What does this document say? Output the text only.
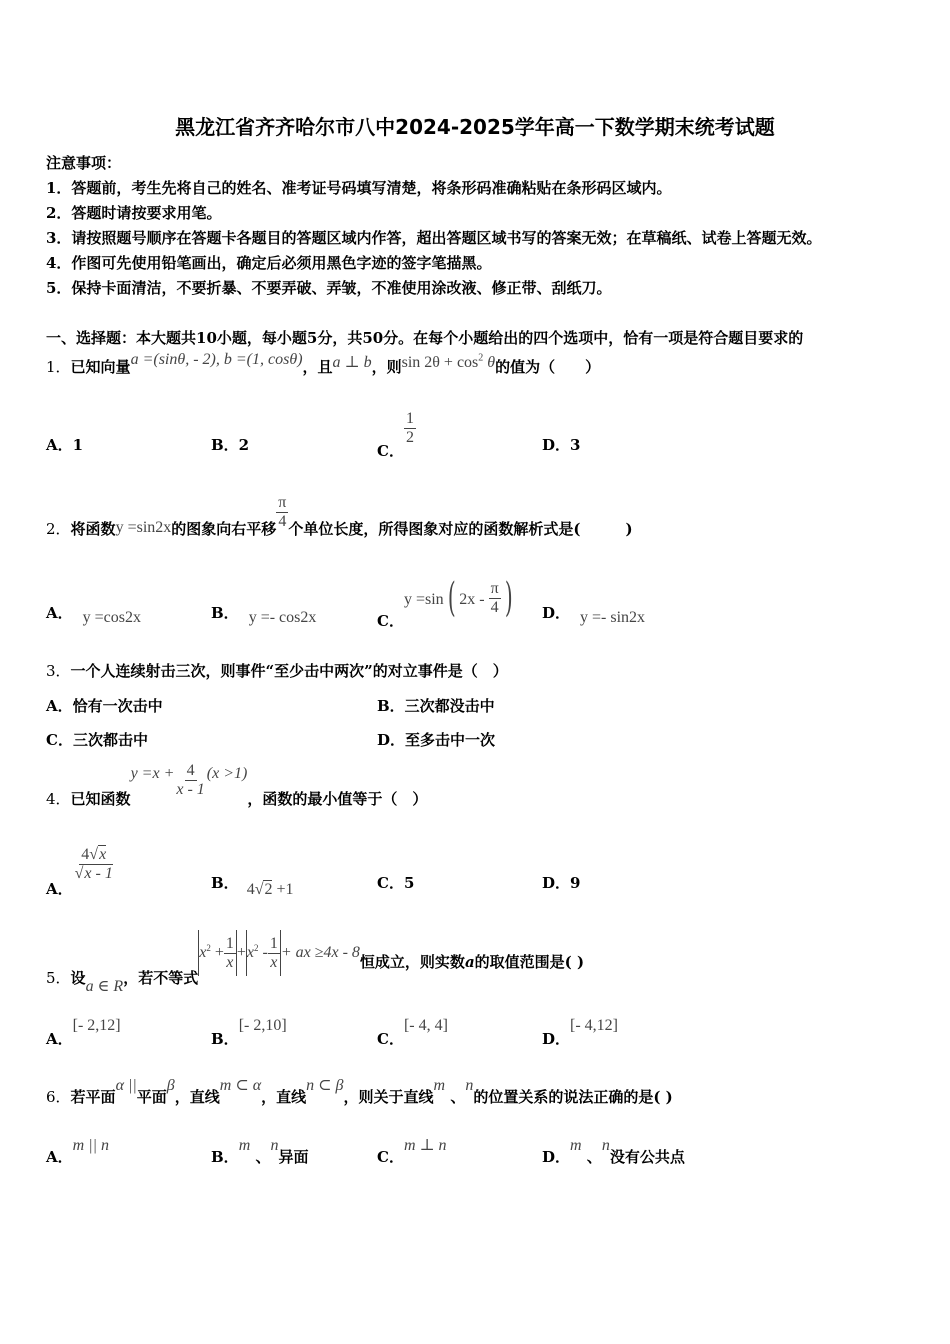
黑龙江省齐齐哈尔市八中2024-2025学年高一下数学期末统考试题
注意事项：
1．答题前，考生先将自己的姓名、准考证号码填写清楚，将条形码准确粘贴在条形码区域内。
2．答题时请按要求用笔。
3．请按照题号顺序在答题卡各题目的答题区域内作答，超出答题区域书写的答案无效；在草稿纸、试卷上答题无效。
4．作图可先使用铅笔画出，确定后必须用黑色字迹的签字笔描黑。
5．保持卡面清洁，不要折暴、不要弄破、弄皱，不准使用涂改液、修正带、刮纸刀。
一、选择题：本大题共10小题，每小题5分，共50分。在每个小题给出的四个选项中，恰有一项是符合题目要求的
1．已知向量a =(sinθ, - 2), b =(1, cosθ)，且a ⊥ b，则$\sin 2\theta + \cos^2 \theta$的值为（　　）
A．1	B．2	C．
$\frac{1}{2}$	D．3
2．将函数y =sin2x的图象向右平移 $\frac{\pi}{4}$ 个单位长度，所得图象对应的函数解析式是(　　　)
A． y =cos2x	B． y =- cos2x	C．y =sin( $2x - \frac{\pi}{4}$ ) D． y =- sin2x
3．一个人连续射击三次，则事件“至少击中两次”的对立事件是（　）
A．恰有一次击中	B．三次都没击中
C．三次都击中	D．至多击中一次
4．已知函数$y =x + \frac{4}{x - 1} (x >1)$，函数的最小值等于（　）
A．
$\frac{4√x}{√x - 1}$
B． 4√2 +1	C．5	D．9
5．设a ∈ R，若不等式$x^2 + \frac{1}{x} +x^2 - \frac{1}{x}$ + ax ≥4x - 8恒成立，则实数a的取值范围是( )
A．[- 2,12]
B．[- 2,10]
C．[- 4, 4]
D．[- 4,12]
6．若平面α ||平面β，直线m ⊂ α，直线n ⊂ β，则关于直线m 、n的位置关系的说法正确的是( )
A．m || n
B．m 、n异面	C．m ⊥ n
D．m 、n没有公共点
